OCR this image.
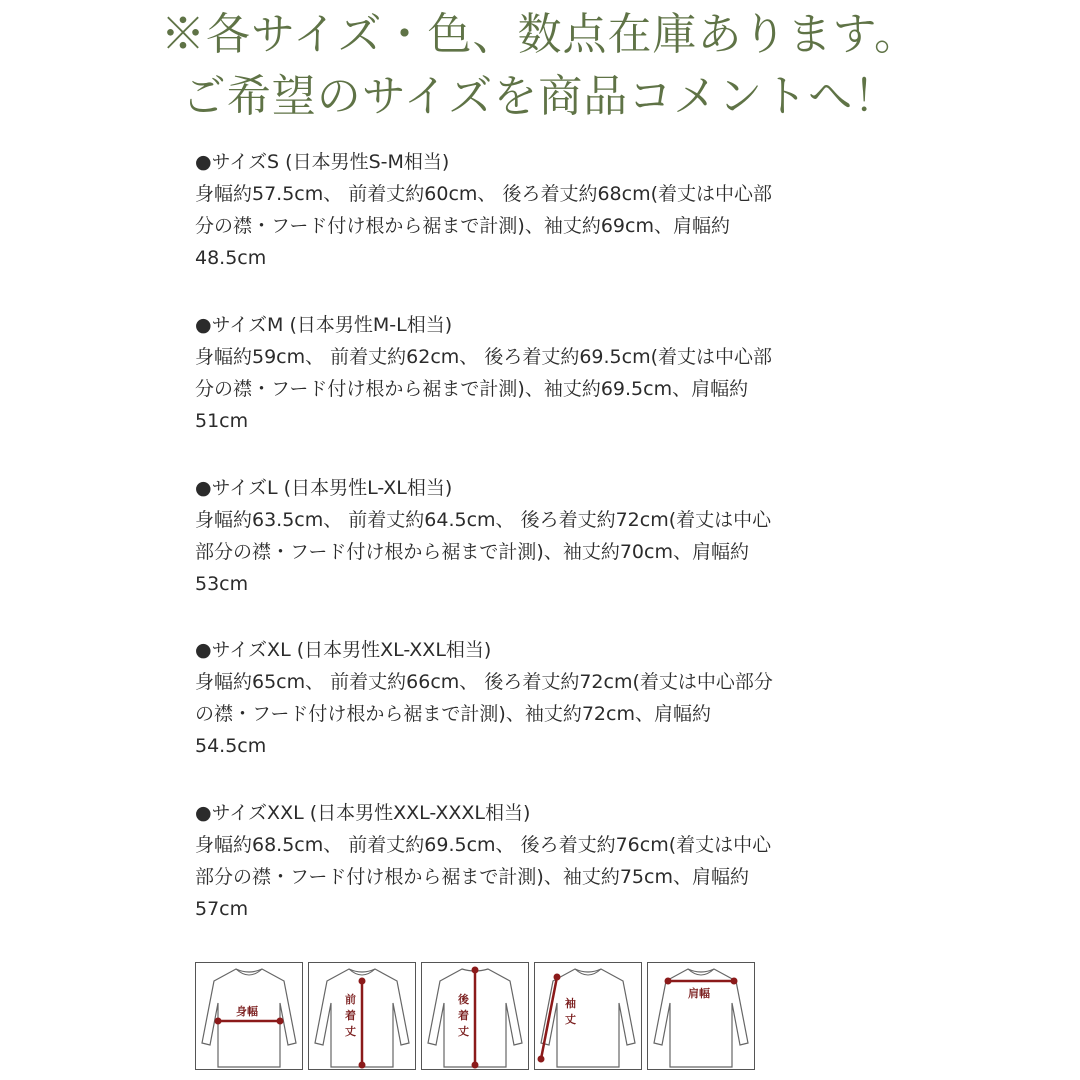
※各サイズ・色、数点在庫あります。
ご希望のサイズを商品コメントへ！
●サイズS (日本男性S-M相当)
身幅約57.5cm、 前着丈約60cm、 後ろ着丈約68cm(着丈は中心部
分の襟・フード付け根から裾まで計測)、袖丈約69cm、肩幅約
48.5cm
●サイズM (日本男性M-L相当)
身幅約59cm、 前着丈約62cm、 後ろ着丈約69.5cm(着丈は中心部
分の襟・フード付け根から裾まで計測)、袖丈約69.5cm、肩幅約
51cm
●サイズL (日本男性L-XL相当)
身幅約63.5cm、 前着丈約64.5cm、 後ろ着丈約72cm(着丈は中心
部分の襟・フード付け根から裾まで計測)、袖丈約70cm、肩幅約
53cm
●サイズXL (日本男性XL-XXL相当)
身幅約65cm、 前着丈約66cm、 後ろ着丈約72cm(着丈は中心部分
の襟・フード付け根から裾まで計測)、袖丈約72cm、肩幅約
54.5cm
●サイズXXL (日本男性XXL-XXXL相当)
身幅約68.5cm、 前着丈約69.5cm、 後ろ着丈約76cm(着丈は中心
部分の襟・フード付け根から裾まで計測)、袖丈約75cm、肩幅約
57cm
身幅
前
着
丈
後
着
丈
袖
丈
肩幅
